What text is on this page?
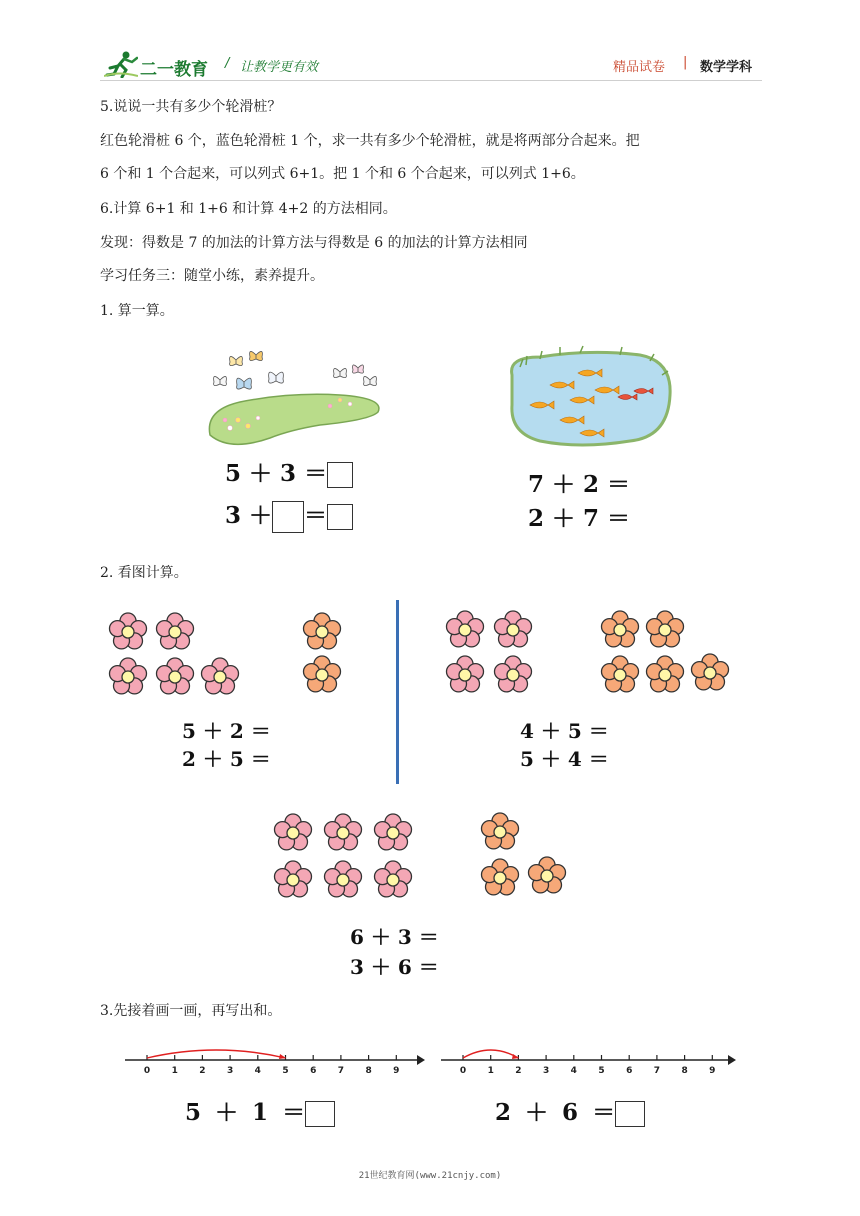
二一教育 / 让教学更有效	精品试卷 | 数学学科
5.说说一共有多少个轮滑桩？
红色轮滑桩 6 个，蓝色轮滑桩 1 个，求一共有多少个轮滑桩，就是将两部分合起来。把
6 个和 1 个合起来，可以列式 6+1。把 1 个和 6 个合起来，可以列式 1+6。
6.计算 6+1 和 1+6 和计算 4+2 的方法相同。
发现：得数是 7 的加法的计算方法与得数是 6 的加法的计算方法相同
学习任务三：随堂小练，素养提升。
1. 算一算。
5 ＋ 3 ＝
3 ＋ ＝
7 ＋ 2 ＝
2 ＋ 7 ＝
2. 看图计算。
5 ＋ 2 ＝
2 ＋ 5 ＝
4 ＋ 5 ＝
5 ＋ 4 ＝
6 ＋ 3 ＝
3 ＋ 6 ＝
3.先接着画一画，再写出和。
0 1 2 3 4 5 6 7 8 9	0 1 2 3 4 5 6 7 8 9
5 ＋ 1 ＝	2 ＋ 6 ＝
21世纪教育网(www.21cnjy.com)
